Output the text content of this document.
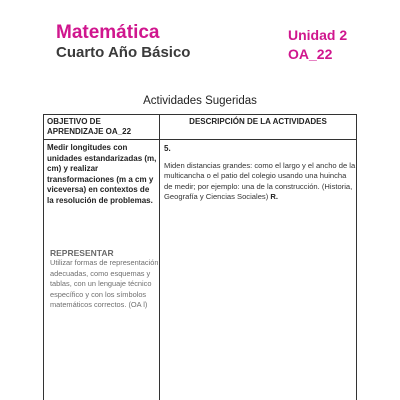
Matemática
Cuarto Año Básico
Unidad 2
OA_22
Actividades Sugeridas
OBJETIVO DE APRENDIZAJE OA_22
DESCRIPCIÓN DE LA ACTIVIDADES
Medir longitudes con unidades estandarizadas (m, cm) y realizar transformaciones (m a cm y viceversa) en contextos de la resolución de problemas.
REPRESENTAR
Utilizar formas de representación adecuadas, como esquemas y tablas, con un lenguaje técnico específico y con los símbolos matemáticos correctos. (OA l)
5.
Miden distancias grandes: como el largo y el ancho de la multicancha o el patio del colegio usando una huincha de medir; por ejemplo: una de la construcción. (Historia, Geografía y Ciencias Sociales) R.
